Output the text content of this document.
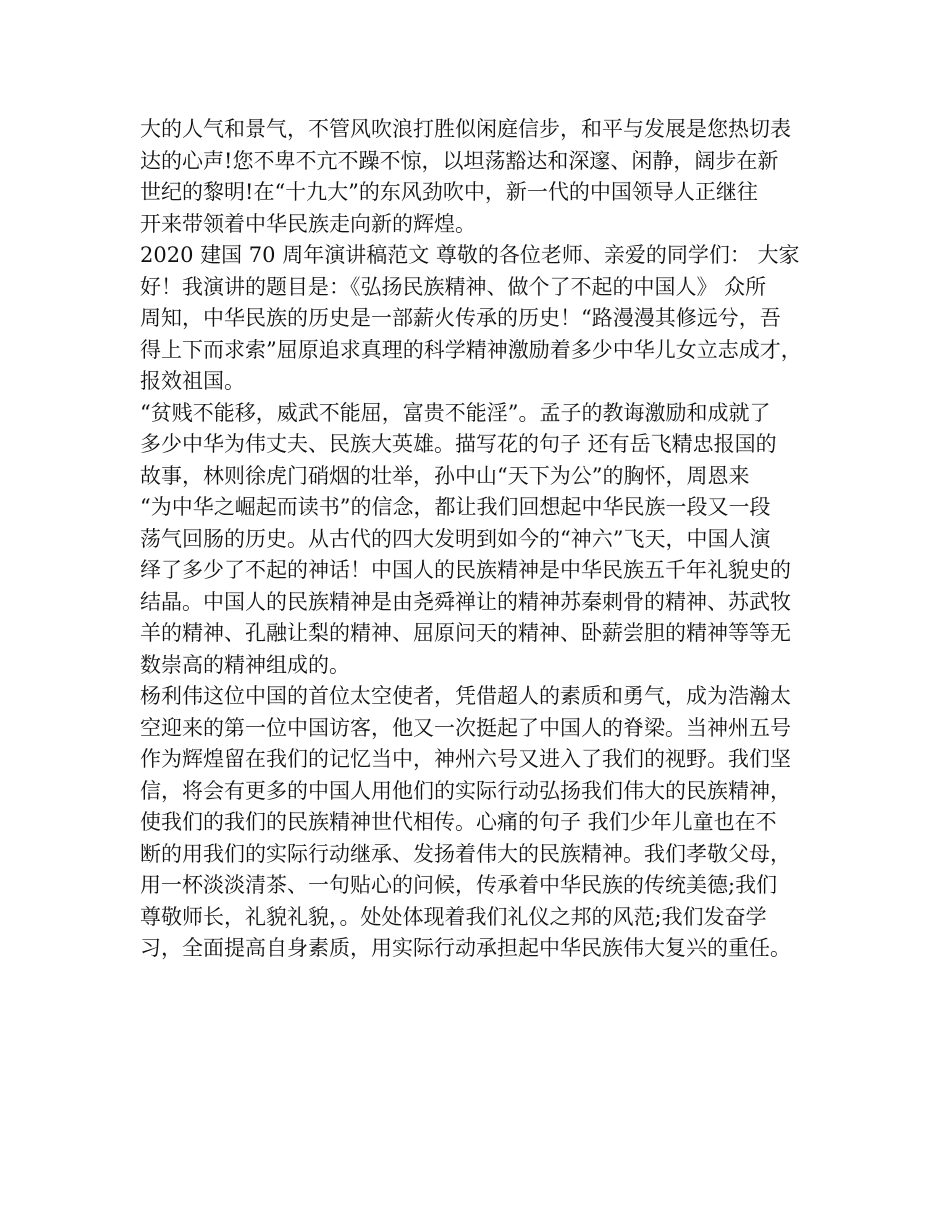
大的人气和景气，不管风吹浪打胜似闲庭信步，和平与发展是您热切表
达的心声!您不卑不亢不躁不惊，以坦荡豁达和深邃、闲静，阔步在新
世纪的黎明!在“十九大”的东风劲吹中，新一代的中国领导人正继往
开来带领着中华民族走向新的辉煌。
2020 建国 70 周年演讲稿范文 尊敬的各位老师、亲爱的同学们： 大家
好！我演讲的题目是：《弘扬民族精神、做个了不起的中国人》 众所
周知，中华民族的历史是一部薪火传承的历史！“路漫漫其修远兮，吾
得上下而求索”屈原追求真理的科学精神激励着多少中华儿女立志成才，
报效祖国。
“贫贱不能移，威武不能屈，富贵不能淫”。孟子的教诲激励和成就了
多少中华为伟丈夫、民族大英雄。描写花的句子 还有岳飞精忠报国的
故事，林则徐虎门硝烟的壮举，孙中山“天下为公”的胸怀，周恩来
“为中华之崛起而读书”的信念，都让我们回想起中华民族一段又一段
荡气回肠的历史。从古代的四大发明到如今的“神六”飞天，中国人演
绎了多少了不起的神话！中国人的民族精神是中华民族五千年礼貌史的
结晶。中国人的民族精神是由尧舜禅让的精神苏秦刺骨的精神、苏武牧
羊的精神、孔融让梨的精神、屈原问天的精神、卧薪尝胆的精神等等无
数崇高的精神组成的。
杨利伟这位中国的首位太空使者，凭借超人的素质和勇气，成为浩瀚太
空迎来的第一位中国访客，他又一次挺起了中国人的脊梁。当神州五号
作为辉煌留在我们的记忆当中，神州六号又进入了我们的视野。我们坚
信，将会有更多的中国人用他们的实际行动弘扬我们伟大的民族精神，
使我们的我们的民族精神世代相传。心痛的句子 我们少年儿童也在不
断的用我们的实际行动继承、发扬着伟大的民族精神。我们孝敬父母，
用一杯淡淡清茶、一句贴心的问候，传承着中华民族的传统美德;我们
尊敬师长，礼貌礼貌，。处处体现着我们礼仪之邦的风范;我们发奋学
习，全面提高自身素质，用实际行动承担起中华民族伟大复兴的重任。
